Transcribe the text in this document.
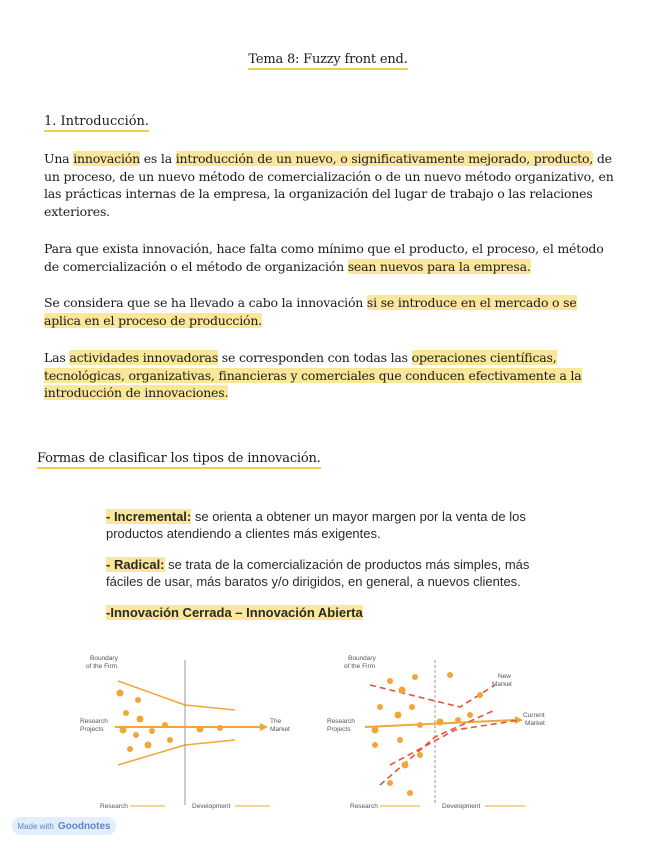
Tema 8: Fuzzy front end.
1. Introducción.
Una innovación es la introducción de un nuevo, o significativamente mejorado, producto, de un proceso, de un nuevo método de comercialización o de un nuevo método organizativo, en las prácticas internas de la empresa, la organización del lugar de trabajo o las relaciones exteriores.
Para que exista innovación, hace falta como mínimo que el producto, el proceso, el método de comercialización o el método de organización sean nuevos para la empresa.
Se considera que se ha llevado a cabo la innovación si se introduce en el mercado o se aplica en el proceso de producción.
Las actividades innovadoras se corresponden con todas las operaciones científicas, tecnológicas, organizativas, financieras y comerciales que conducen efectivamente a la introducción de innovaciones.
Formas de clasificar los tipos de innovación.
- Incremental: se orienta a obtener un mayor margen por la venta de los productos atendiendo a clientes más exigentes.
- Radical: se trata de la comercialización de productos más simples, más fáciles de usar, más baratos y/o dirigidos, en general, a nuevos clientes.
-Innovación Cerrada – Innovación Abierta
Boundary of the Firm
Research Projects
The Market
Research	Development
Boundary of the Firm
Research Projects
New Market
Current Market
Research	Development
Made with Goodnotes
